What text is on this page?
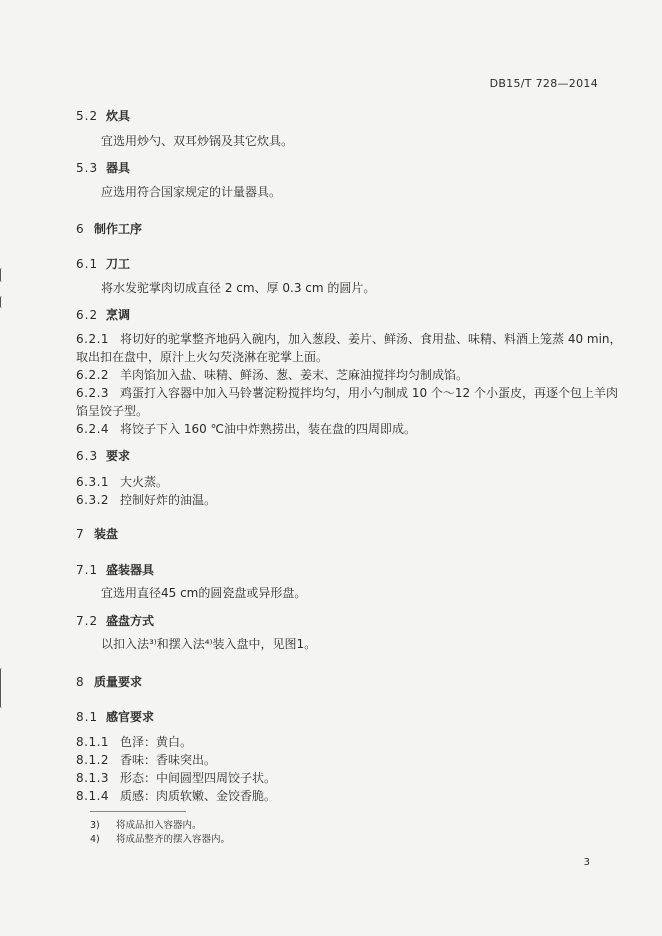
DB15/T 728—2014
5.2 炊具
宜选用炒勺、双耳炒锅及其它炊具。
5.3 器具
应选用符合国家规定的计量器具。
6 制作工序
6.1 刀工
将水发驼掌肉切成直径 2 cm、厚 0.3 cm 的圆片。
6.2 烹调
6.2.1 将切好的驼掌整齐地码入碗内，加入葱段、姜片、鲜汤、食用盐、味精、料酒上笼蒸 40 min，
取出扣在盘中，原汁上火勾芡浇淋在驼掌上面。
6.2.2 羊肉馅加入盐、味精、鲜汤、葱、姜末、芝麻油搅拌均匀制成馅。
6.2.3 鸡蛋打入容器中加入马铃薯淀粉搅拌均匀，用小勺制成 10 个～12 个小蛋皮，再逐个包上羊肉
馅呈饺子型。
6.2.4 将饺子下入 160 ℃油中炸熟捞出，装在盘的四周即成。
6.3 要求
6.3.1 大火蒸。
6.3.2 控制好炸的油温。
7 装盘
7.1 盛装器具
宜选用直径45 cm的圆瓷盘或异形盘。
7.2 盛盘方式
以扣入法³⁾和摆入法⁴⁾装入盘中，见图1。
8 质量要求
8.1 感官要求
8.1.1 色泽：黄白。
8.1.2 香味：香味突出。
8.1.3 形态：中间圆型四周饺子状。
8.1.4 质感：肉质软嫩、金饺香脆。
3) 将成品扣入容器内。
4) 将成品整齐的摆入容器内。
3
